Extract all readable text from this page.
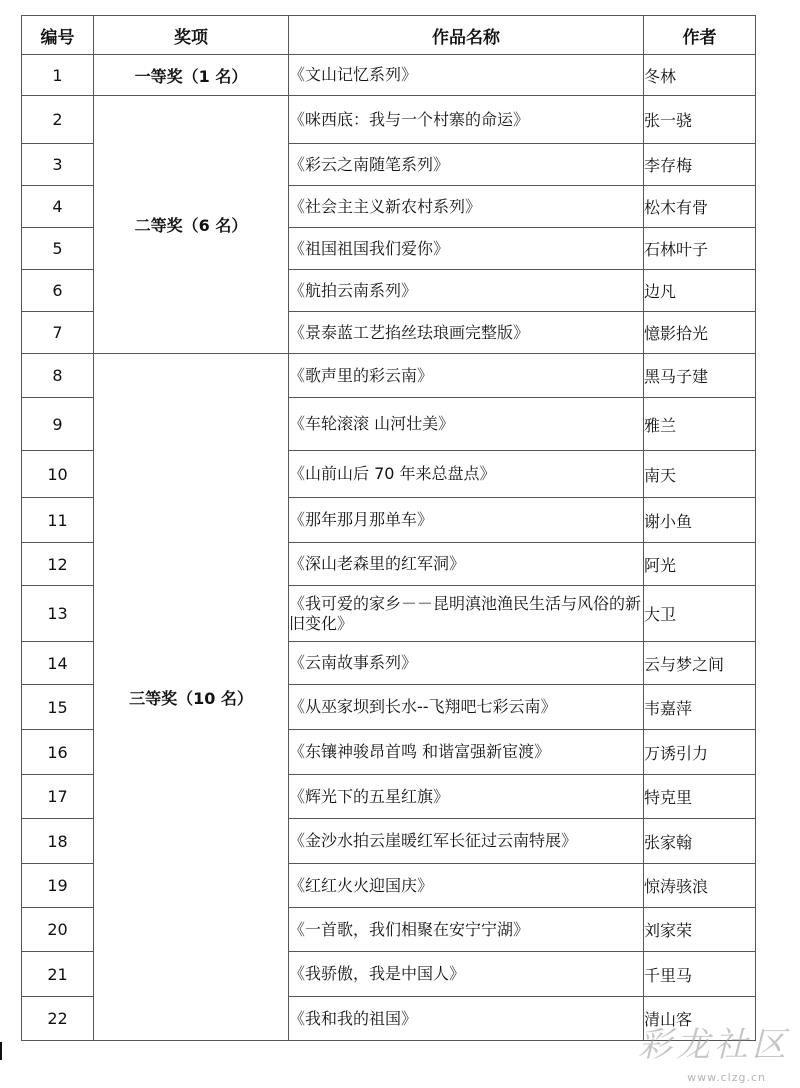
编号	奖项	作品名称	作者
1	一等奖（1 名）	《文山记忆系列》	冬林
2	二等奖（6 名）	《咪西底：我与一个村寨的命运》	张一骁
3		《彩云之南随笔系列》	李存梅
4		《社会主主义新农村系列》	松木有骨
5		《祖国祖国我们爱你》	石林叶子
6		《航拍云南系列》	边凡
7		《景泰蓝工艺掐丝珐琅画完整版》	憶影拾光
8	三等奖（10 名）	《歌声里的彩云南》	黑马子建
9		《车轮滚滚 山河壮美》	雅兰
10		《山前山后 70 年来总盘点》	南天
11		《那年那月那单车》	谢小鱼
12		《深山老森里的红军洞》	阿光
13		《我可爱的家乡－－昆明滇池渔民生活与风俗的新旧变化》	大卫
14		《云南故事系列》	云与梦之间
15		《从巫家坝到长水--飞翔吧七彩云南》	韦嘉萍
16		《东镶神骏昂首鸣 和谐富强新宦渡》	万诱引力
17		《辉光下的五星红旗》	特克里
18		《金沙水拍云崖暖红军长征过云南特展》	张家翰
19		《红红火火迎国庆》	惊涛骇浪
20		《一首歌，我们相聚在安宁宁湖》	刘家荣
21		《我骄傲，我是中国人》	千里马
22		《我和我的祖国》	清山客
彩龙社区
www.clzg.cn
